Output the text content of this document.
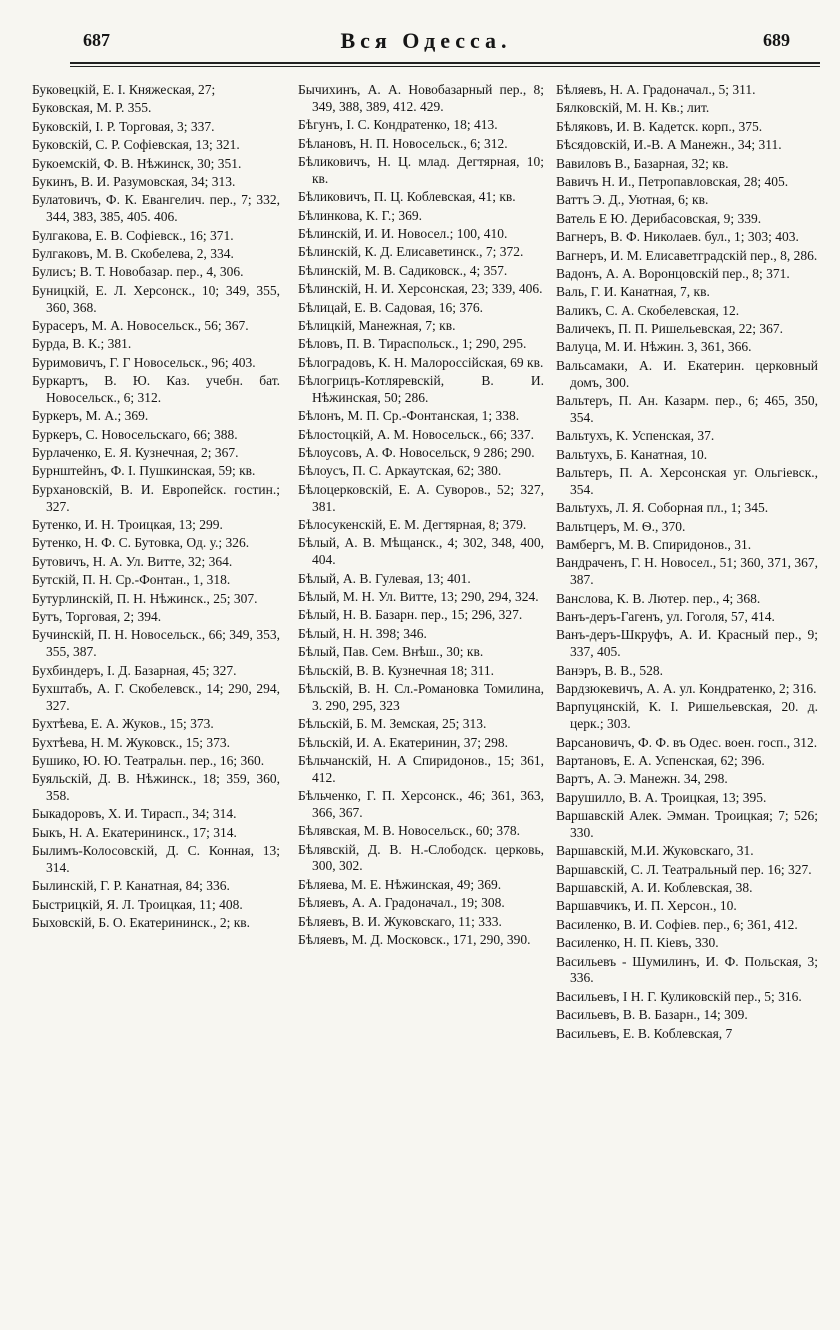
687	Вся Одесса.	689

Буковецкій, Е. І. Княжеская, 27;

Буковская, М. Р. 355.

Буковскій, І. Р. Торговая, 3; 337.

Буковскій, С. Р. Софіевская, 13; 321.

Букоемскій, Ф. В. Нѣжинск, 30; 351.

Букинъ, В. И. Разумовская, 34; 313.

Булатовичъ, Ф. К. Евангелич. пер., 7; 332, 344, 383, 385, 405. 406.

Булгакова, Е. В. Софіевск., 16; 371.

Булгаковъ, М. В. Скобелева, 2, 334.

Булисъ; В. Т. Новобазар. пер., 4, 306.

Буницкій, Е. Л. Херсонск., 10; 349, 355, 360, 368.

Бурасеръ, М. А. Новосельск., 56; 367.

Бурда, В. К.; 381.

Буримовичъ, Г. Г Новосельск., 96; 403.

Буркартъ, В. Ю. Каз. учебн. бат. Новосельск., 6; 312.

Буркеръ, М. А.; 369.

Буркеръ, С. Новосельскаго, 66; 388.

Бурлаченко, Е. Я. Кузнечная, 2; 367.

Бурнштейнъ, Ф. І. Пушкинская, 59; кв.

Бурхановскій, В. И. Европейск. гостин.; 327.

Бутенко, И. Н. Троицкая, 13; 299.

Бутенко, Н. Ф. С. Бутовка, Од. у.; 326.

Бутовичъ, Н. А. Ул. Витте, 32; 364.

Бутскій, П. Н. Ср.-Фонтан., 1, 318.

Бутурлинскій, П. Н. Нѣжинск., 25; 307.

Бутъ, Торговая, 2; 394.

Бучинскій, П. Н. Новосельск., 66; 349, 353, 355, 387.

Бухбиндеръ, І. Д. Базарная, 45; 327.

Бухштабъ, А. Г. Скобелевск., 14; 290, 294, 327.

Бухтѣева, Е. А. Жуков., 15; 373.

Бухтѣева, Н. М. Жуковск., 15; 373.

Бушико, Ю. Ю. Театральн. пер., 16; 360.

Буяльскій, Д. В. Нѣжинск., 18; 359, 360, 358.

Быкадоровъ, Х. И. Тирасп., 34; 314.

Быкъ, Н. А. Екатерининск., 17; 314.

Былимъ-Колосовскій, Д. С. Конная, 13; 314.

Былинскій, Г. Р. Канатная, 84; 336.

Быстрицкій, Я. Л. Троицкая, 11; 408.

Быховскій, Б. О. Екатерининск., 2; кв.

Бычихинъ, А. А. Новобазарный пер., 8; 349, 388, 389, 412. 429.

Бѣгунъ, І. С. Кондратенко, 18; 413.

Бѣлановъ, Н. П. Новосельск., 6; 312.

Бѣликовичъ, Н. Ц. млад. Дегтярная, 10; кв.

Бѣликовичъ, П. Ц. Коблевская, 41; кв.

Бѣлинкова, К. Г.; 369.

Бѣлинскій, И. И. Новосел.; 100, 410.

Бѣлинскій, К. Д. Елисаветинск., 7; 372.

Бѣлинскій, М. В. Садиковск., 4; 357.

Бѣлинскій, Н. И. Херсонская, 23; 339, 406.

Бѣлицай, Е. В. Садовая, 16; 376.

Бѣлицкій, Манежная, 7; кв.

Бѣловъ, П. В. Тираспольск., 1; 290, 295.

Бѣлоградовъ, К. Н. Малороссійская, 69 кв.

Бѣлогрицъ-Котляревскій, В. И. Нѣжинская, 50; 286.

Бѣлонъ, М. П. Ср.-Фонтанская, 1; 338.

Бѣлостоцкій, А. М. Новосельск., 66; 337.

Бѣлоусовъ, А. Ф. Новосельск, 9 286; 290.

Бѣлоусъ, П. С. Аркаутская, 62; 380.

Бѣлоцерковскій, Е. А. Суворов., 52; 327, 381.

Бѣлосукенскій, Е. М. Дегтярная, 8; 379.

Бѣлый, А. В. Мѣщанск., 4; 302, 348, 400, 404.

Бѣлый, А. В. Гулевая, 13; 401.

Бѣлый, М. Н. Ул. Витте, 13; 290, 294, 324.

Бѣлый, Н. В. Базарн. пер., 15; 296, 327.

Бѣлый, Н. Н. 398; 346.

Бѣлый, Пав. Сем. Внѣш., 30; кв.

Бѣльскій, В. В. Кузнечная 18; 311.

Бѣльскій, В. Н. Сл.-Романовка Томилина, 3. 290, 295, 323

Бѣльскій, Б. М. Земская, 25; 313.

Бѣльскій, И. А. Екатеринин, 37; 298.

Бѣльчанскій, Н. А Спиридонов., 15; 361, 412.

Бѣльченко, Г. П. Херсонск., 46; 361, 363, 366, 367.

Бѣлявская, М. В. Новосельск., 60; 378.

Бѣлявскій, Д. В. Н.-Слободск. церковь, 300, 302.

Бѣляева, М. Е. Нѣжинская, 49; 369.

Бѣляевъ, А. А. Градоначал., 19; 308.

Бѣляевъ, В. И. Жуковскаго, 11; 333.

Бѣляевъ, М. Д. Московск., 171, 290, 390.

Бѣляевъ, Н. А. Градоначал., 5; 311.

Бялковскій, М. Н. Кв.; лит.

Бѣляковъ, И. В. Кадетск. корп., 375.

Бѣсядовскій, И.-В. А Манежн., 34; 311.

Вавиловъ В., Базарная, 32; кв.

Вавичъ Н. И., Петропавловская, 28; 405.

Ваттъ Э. Д., Уютная, 6; кв.

Ватель Е Ю. Дерибасовская, 9; 339.

Вагнеръ, В. Ф. Николаев. бул., 1; 303; 403.

Вагнеръ, И. М. Елисаветградскій пер., 8, 286.

Вадонъ, А. А. Воронцовскій пер., 8; 371.

Валь, Г. И. Канатная, 7, кв.

Валикъ, С. А. Скобелевская, 12.

Валичекъ, П. П. Ришельевская, 22; 367.

Валуца, М. И. Нѣжин. 3, 361, 366.

Вальсамаки, А. И. Екатерин. церковный домъ, 300.

Вальтеръ, П. Ан. Казарм. пер., 6; 465, 350, 354.

Вальтухъ, К. Успенская, 37.

Вальтухъ, Б. Канатная, 10.

Вальтеръ, П. А. Херсонская уг. Ольгіевск., 354.

Вальтухъ, Л. Я. Соборная пл., 1; 345.

Вальтцеръ, М. Ѳ., 370.

Вамбергъ, М. В. Спиридонов., 31.

Вандраченъ, Г. Н. Новосел., 51; 360, 371, 367, 387.

Ванслова, К. В. Лютер. пер., 4; 368.

Ванъ-деръ-Гагенъ, ул. Гоголя, 57, 414.

Ванъ-деръ-Шкруфъ, А. И. Красный пер., 9; 337, 405.

Ванэръ, В. В., 528.

Вардзюкевичъ, А. А. ул. Кондратенко, 2; 316.

Варпуцянскій, К. І. Ришельевская, 20. д. церк.; 303.

Варсановичъ, Ф. Ф. въ Одес. воен. госп., 312.

Вартановъ, Е. А. Успенская, 62; 396.

Вартъ, А. Э. Манежн. 34, 298.

Варушилло, В. А. Троицкая, 13; 395.

Варшавскій Алек. Эмман. Троицкая; 7; 526; 330.

Варшавскій, М.И. Жуковскаго, 31.

Варшавскій, С. Л. Театральный пер. 16; 327.

Варшавскій, А. И. Коблевская, 38.

Варшавчикъ, И. П. Херсон., 10.

Василенко, В. И. Софіев. пер., 6; 361, 412.

Василенко, Н. П. Кіевъ, 330.

Васильевъ - Шумилинъ, И. Ф. Польская, 3; 336.

Васильевъ, І Н. Г. Куликовскій пер., 5; 316.

Васильевъ, В. В. Базарн., 14; 309.

Васильевъ, Е. В. Коблевская, 7
